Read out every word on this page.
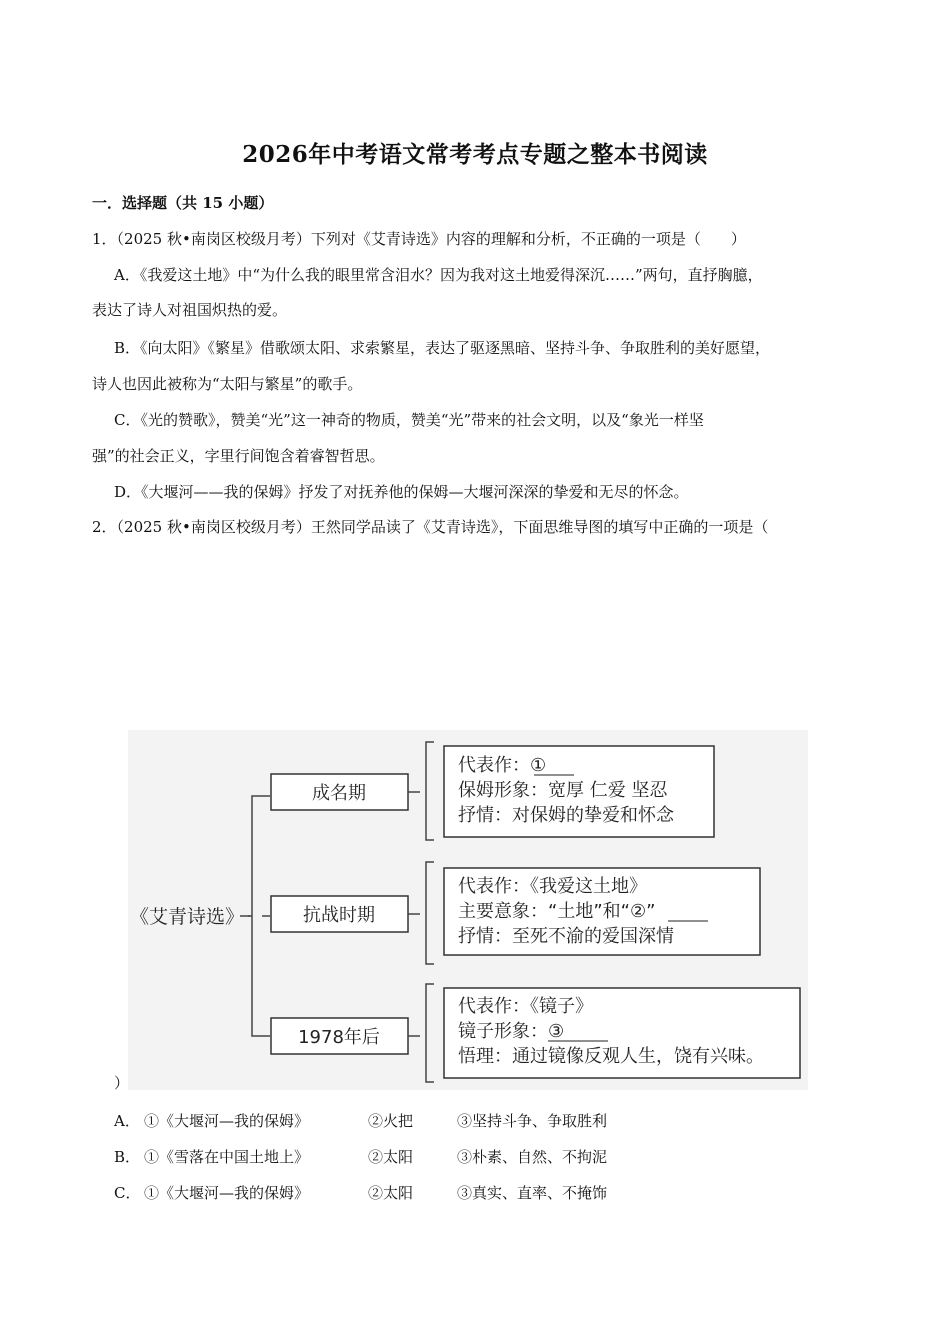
2026年中考语文常考考点专题之整本书阅读
一．选择题（共 15 小题）
1．（2025 秋•南岗区校级月考）下列对《艾青诗选》内容的理解和分析，不正确的一项是（　　）
A．《我爱这土地》中“为什么我的眼里常含泪水？因为我对这土地爱得深沉……”两句，直抒胸臆，
表达了诗人对祖国炽热的爱。
B．《向太阳》《繁星》借歌颂太阳、求索繁星，表达了驱逐黑暗、坚持斗争、争取胜利的美好愿望，
诗人也因此被称为“太阳与繁星”的歌手。
C．《光的赞歌》，赞美“光”这一神奇的物质，赞美“光”带来的社会文明，以及“象光一样坚
强”的社会正义，字里行间饱含着睿智哲思。
D．《大堰河——我的保姆》抒发了对抚养他的保姆—大堰河深深的挚爱和无尽的怀念。
2．（2025 秋•南岗区校级月考）王然同学品读了《艾青诗选》，下面思维导图的填写中正确的一项是（
《艾青诗选》
成名期
抗战时期
1978年后
代表作：①
保姆形象：宽厚 仁爱 坚忍
抒情：对保姆的挚爱和怀念
代表作：《我爱这土地》
主要意象：“土地”和“②”
抒情：至死不渝的爱国深情
代表作：《镜子》
镜子形象：③
悟理：通过镜像反观人生，饶有兴味。
）
A． ①《大堰河—我的保姆》	②火把	③坚持斗争、争取胜利
B． ①《雪落在中国土地上》	②太阳	③朴素、自然、不拘泥
C． ①《大堰河—我的保姆》	②太阳	③真实、直率、不掩饰
